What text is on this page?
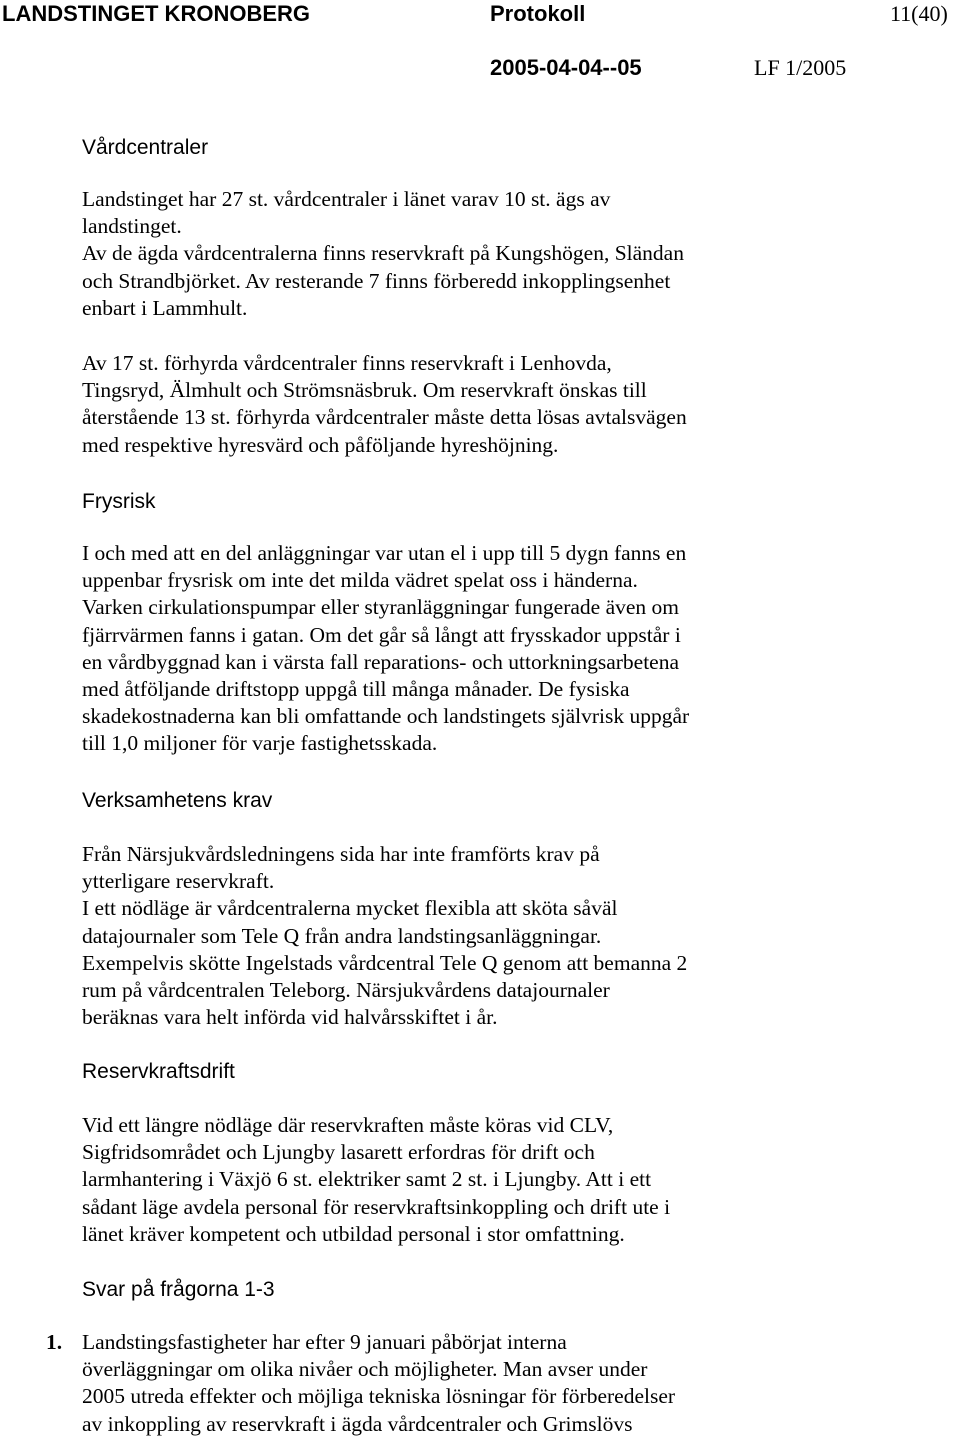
LANDSTINGET KRONOBERG	Protokoll	11(40)
2005-04-04--05	LF 1/2005
Vårdcentraler
Landstinget har 27 st. vårdcentraler i länet varav 10 st. ägs av
landstinget.
Av de ägda vårdcentralerna finns reservkraft på Kungshögen, Sländan
och Strandbjörket. Av resterande 7 finns förberedd inkopplingsenhet
enbart i Lammhult.
Av 17 st. förhyrda vårdcentraler finns reservkraft i Lenhovda,
Tingsryd, Älmhult och Strömsnäsbruk. Om reservkraft önskas till
återstående 13 st. förhyrda vårdcentraler måste detta lösas avtalsvägen
med respektive hyresvärd och påföljande hyreshöjning.
Frysrisk
I och med att en del anläggningar var utan el i upp till 5 dygn fanns en
uppenbar frysrisk om inte det milda vädret spelat oss i händerna.
Varken cirkulationspumpar eller styranläggningar fungerade även om
fjärrvärmen fanns i gatan. Om det går så långt att frysskador uppstår i
en vårdbyggnad kan i värsta fall reparations- och uttorkningsarbetena
med åtföljande driftstopp uppgå till många månader. De fysiska
skadekostnaderna kan bli omfattande och landstingets självrisk uppgår
till 1,0 miljoner för varje fastighetsskada.
Verksamhetens krav
Från Närsjukvårdsledningens sida har inte framförts krav på
ytterligare reservkraft.
I ett nödläge är vårdcentralerna mycket flexibla att sköta såväl
datajournaler som Tele Q från andra landstingsanläggningar.
Exempelvis skötte Ingelstads vårdcentral Tele Q genom att bemanna 2
rum på vårdcentralen Teleborg. Närsjukvårdens datajournaler
beräknas vara helt införda vid halvårsskiftet i år.
Reservkraftsdrift
Vid ett längre nödläge där reservkraften måste köras vid CLV,
Sigfridsområdet och Ljungby lasarett erfordras för drift och
larmhantering i Växjö 6 st. elektriker samt 2 st. i Ljungby. Att i ett
sådant läge avdela personal för reservkraftsinkoppling och drift ute i
länet kräver kompetent och utbildad personal i stor omfattning.
Svar på frågorna 1-3
1. Landstingsfastigheter har efter 9 januari påbörjat interna
överläggningar om olika nivåer och möjligheter. Man avser under
2005 utreda effekter och möjliga tekniska lösningar för förberedelser
av inkoppling av reservkraft i ägda vårdcentraler och Grimslövs
